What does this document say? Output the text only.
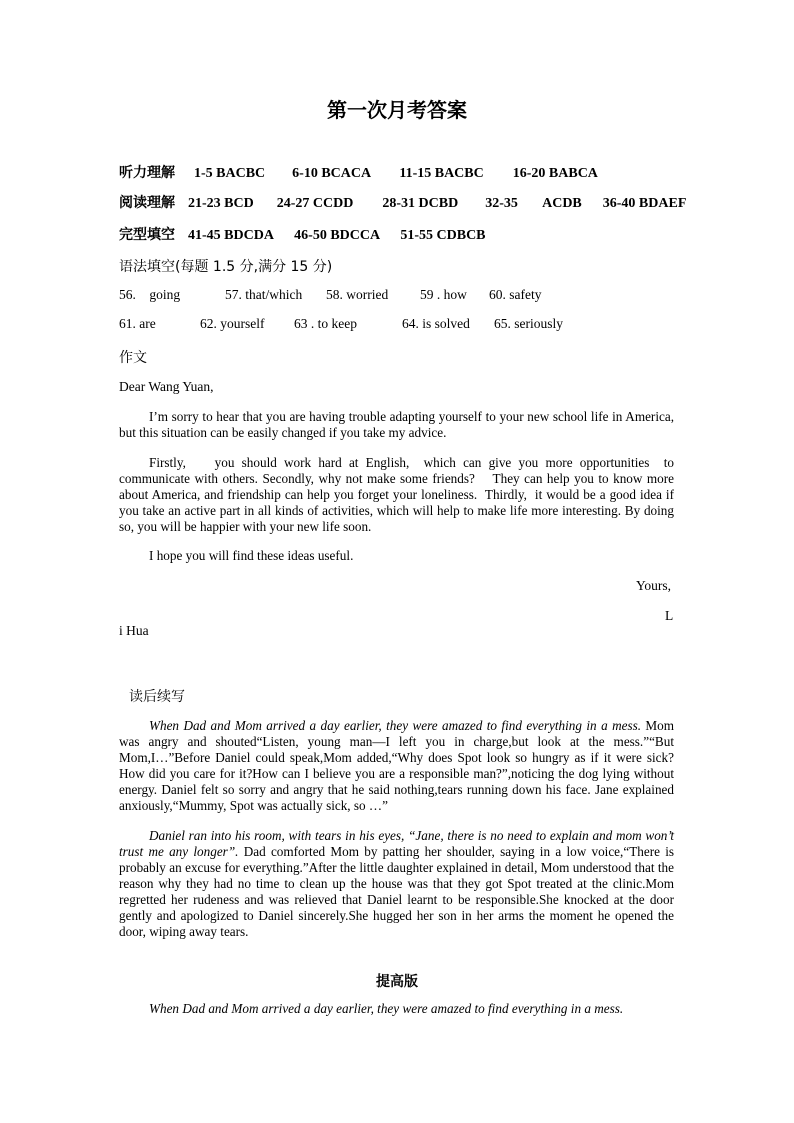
第一次月考答案
听力理解 1-5 BACBC 6-10 BCACA 11-15 BACBC 16-20 BABCA
阅读理解 21-23 BCD 24-27 CCDD 28-31 DCBD 32-35 ACDB 36-40 BDAEF
完型填空 41-45 BDCDA 46-50 BDCCA 51-55 CDBCB
语法填空(每题 1.5 分,满分 15 分)
56.    going	57. that/which 58. worried 59 . how 60. safety
61. are	62. yourself 63 . to keep	64. is solved 65. seriously
作文
Dear Wang Yuan,

I’m sorry to hear that you are having trouble adapting yourself to your new school life in America, but this situation can be easily changed if you take my advice.

Firstly,    you should work hard at English,  which can give you more opportunities  to communicate with others. Secondly, why not make some friends?    They can help you to know more about America, and friendship can help you forget your loneliness.  Thirdly,  it would be a good idea if you take an active part in all kinds of activities, which will help to make life more interesting. By doing so, you will be happier with your new life soon.

I hope you will find these ideas useful.

Yours,
L
i Hua
读后续写

When Dad and Mom arrived a day earlier, they were amazed to find everything in a mess. Mom was angry and shouted“Listen, young man—I left you in charge,but look at the mess.”“But Mom,I…”Before Daniel could speak,Mom added,“Why does Spot look so hungry as if it were sick? How did you care for it?How can I believe you are a responsible man?”,noticing the dog lying without energy. Daniel felt so sorry and angry that he said nothing,tears running down his face. Jane explained anxiously,“Mummy, Spot was actually sick, so …”

Daniel ran into his room, with tears in his eyes, “Jane, there is no need to explain and mom won’t trust me any longer”. Dad comforted Mom by patting her shoulder, saying in a low voice,“There is probably an excuse for everything.”After the little daughter explained in detail, Mom understood that the reason why they had no time to clean up the house was that they got Spot treated at the clinic.Mom regretted her rudeness and was relieved that Daniel learnt to be responsible.She knocked at the door gently and apologized to Daniel sincerely.She hugged her son in her arms the moment he opened the door, wiping away tears.

提高版

When Dad and Mom arrived a day earlier, they were amazed to find everything in a mess.
